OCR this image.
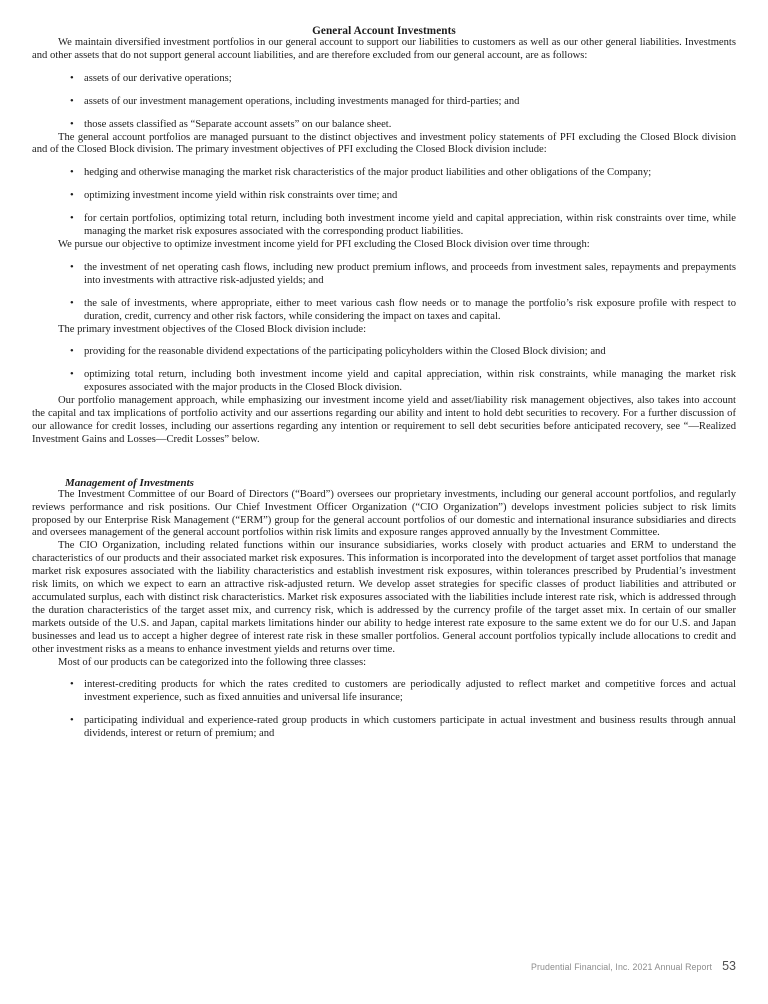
General Account Investments

We maintain diversified investment portfolios in our general account to support our liabilities to customers as well as our other general liabilities. Investments and other assets that do not support general account liabilities, and are therefore excluded from our general account, are as follows:

• assets of our derivative operations;
• assets of our investment management operations, including investments managed for third-parties; and
• those assets classified as “Separate account assets” on our balance sheet.

The general account portfolios are managed pursuant to the distinct objectives and investment policy statements of PFI excluding the Closed Block division and of the Closed Block division. The primary investment objectives of PFI excluding the Closed Block division include:

• hedging and otherwise managing the market risk characteristics of the major product liabilities and other obligations of the Company;
• optimizing investment income yield within risk constraints over time; and
• for certain portfolios, optimizing total return, including both investment income yield and capital appreciation, within risk constraints over time, while managing the market risk exposures associated with the corresponding product liabilities.

We pursue our objective to optimize investment income yield for PFI excluding the Closed Block division over time through:

• the investment of net operating cash flows, including new product premium inflows, and proceeds from investment sales, repayments and prepayments into investments with attractive risk-adjusted yields; and
• the sale of investments, where appropriate, either to meet various cash flow needs or to manage the portfolio’s risk exposure profile with respect to duration, credit, currency and other risk factors, while considering the impact on taxes and capital.

The primary investment objectives of the Closed Block division include:

• providing for the reasonable dividend expectations of the participating policyholders within the Closed Block division; and
• optimizing total return, including both investment income yield and capital appreciation, within risk constraints, while managing the market risk exposures associated with the major products in the Closed Block division.

Our portfolio management approach, while emphasizing our investment income yield and asset/liability risk management objectives, also takes into account the capital and tax implications of portfolio activity and our assertions regarding our ability and intent to hold debt securities to recovery. For a further discussion of our allowance for credit losses, including our assertions regarding any intention or requirement to sell debt securities before anticipated recovery, see “—Realized Investment Gains and Losses—Credit Losses” below.

Management of Investments

The Investment Committee of our Board of Directors (“Board”) oversees our proprietary investments, including our general account portfolios, and regularly reviews performance and risk positions. Our Chief Investment Officer Organization (“CIO Organization”) develops investment policies subject to risk limits proposed by our Enterprise Risk Management (“ERM”) group for the general account portfolios of our domestic and international insurance subsidiaries and directs and oversees management of the general account portfolios within risk limits and exposure ranges approved annually by the Investment Committee.

The CIO Organization, including related functions within our insurance subsidiaries, works closely with product actuaries and ERM to understand the characteristics of our products and their associated market risk exposures. This information is incorporated into the development of target asset portfolios that manage market risk exposures associated with the liability characteristics and establish investment risk exposures, within tolerances prescribed by Prudential’s investment risk limits, on which we expect to earn an attractive risk-adjusted return. We develop asset strategies for specific classes of product liabilities and attributed or accumulated surplus, each with distinct risk characteristics. Market risk exposures associated with the liabilities include interest rate risk, which is addressed through the duration characteristics of the target asset mix, and currency risk, which is addressed by the currency profile of the target asset mix. In certain of our smaller markets outside of the U.S. and Japan, capital markets limitations hinder our ability to hedge interest rate exposure to the same extent we do for our U.S. and Japan businesses and lead us to accept a higher degree of interest rate risk in these smaller portfolios. General account portfolios typically include allocations to credit and other investment risks as a means to enhance investment yields and returns over time.

Most of our products can be categorized into the following three classes:

• interest-crediting products for which the rates credited to customers are periodically adjusted to reflect market and competitive forces and actual investment experience, such as fixed annuities and universal life insurance;
• participating individual and experience-rated group products in which customers participate in actual investment and business results through annual dividends, interest or return of premium; and
Prudential Financial, Inc. 2021 Annual Report 53
